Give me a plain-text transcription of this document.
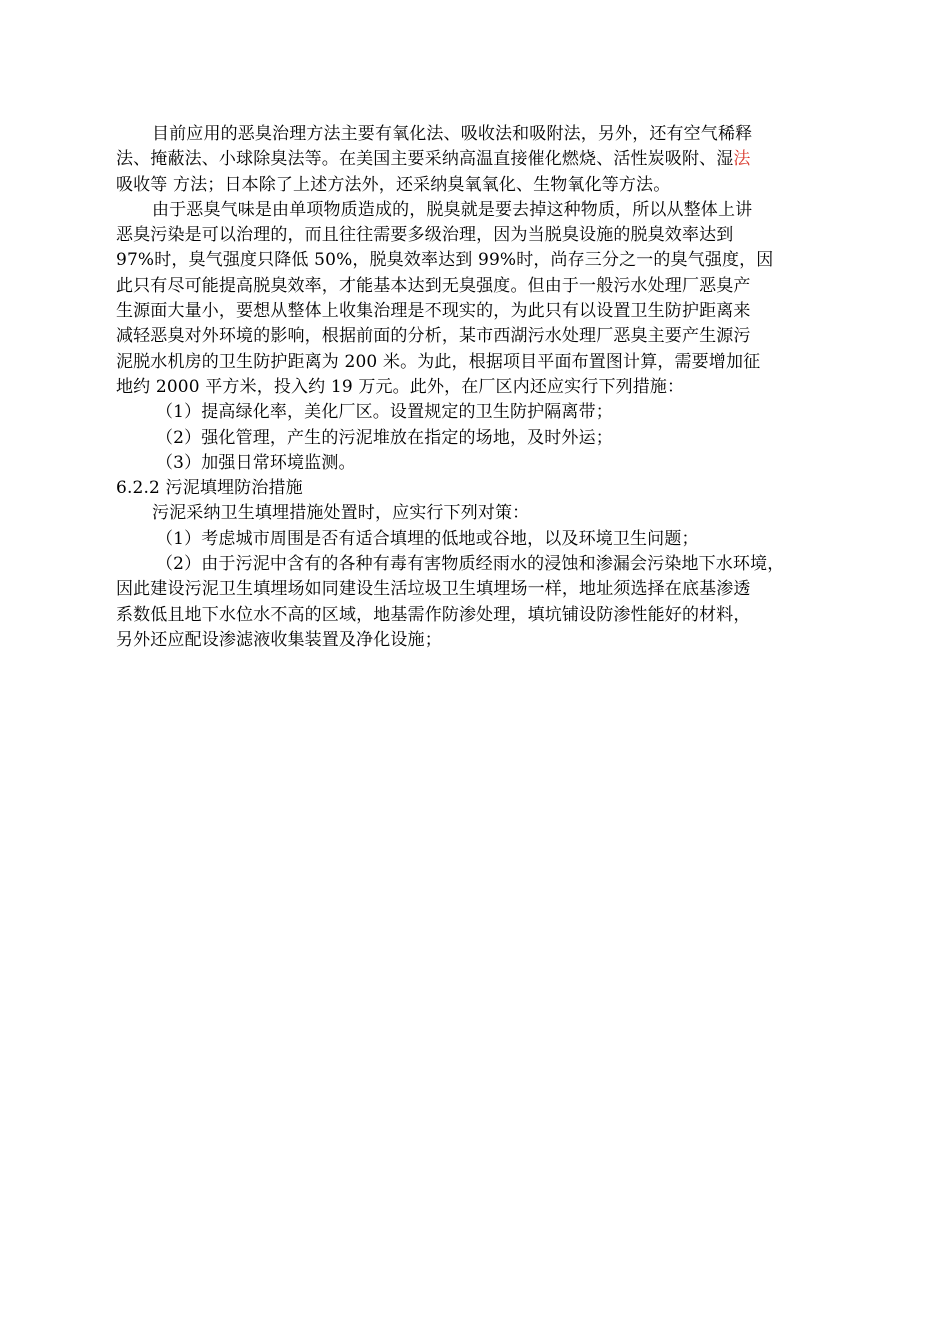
目前应用的恶臭治理方法主要有氧化法、吸收法和吸附法，另外，还有空气稀释
法、掩蔽法、小球除臭法等。在美国主要采纳高温直接催化燃烧、活性炭吸附、湿法
吸收等 方法；日本除了上述方法外，还采纳臭氧氧化、生物氧化等方法。
由于恶臭气味是由单项物质造成的，脱臭就是要去掉这种物质，所以从整体上讲
恶臭污染是可以治理的，而且往往需要多级治理，因为当脱臭设施的脱臭效率达到
97%时，臭气强度只降低 50%，脱臭效率达到 99%时，尚存三分之一的臭气强度，因
此只有尽可能提高脱臭效率，才能基本达到无臭强度。但由于一般污水处理厂恶臭产
生源面大量小，要想从整体上收集治理是不现实的，为此只有以设置卫生防护距离来
减轻恶臭对外环境的影响，根据前面的分析，某市西湖污水处理厂恶臭主要产生源污
泥脱水机房的卫生防护距离为 200 米。为此，根据项目平面布置图计算，需要增加征
地约 2000 平方米，投入约 19 万元。此外，在厂区内还应实行下列措施：
（1）提高绿化率，美化厂区。设置规定的卫生防护隔离带；
（2）强化管理，产生的污泥堆放在指定的场地，及时外运；
（3）加强日常环境监测。
6.2.2 污泥填埋防治措施
污泥采纳卫生填埋措施处置时，应实行下列对策：
（1）考虑城市周围是否有适合填埋的低地或谷地，以及环境卫生问题；
（2）由于污泥中含有的各种有毒有害物质经雨水的浸蚀和渗漏会污染地下水环境，
因此建设污泥卫生填埋场如同建设生活垃圾卫生填埋场一样，地址须选择在底基渗透
系数低且地下水位水不高的区域，地基需作防渗处理，填坑铺设防渗性能好的材料，
另外还应配设渗滤液收集装置及净化设施；
